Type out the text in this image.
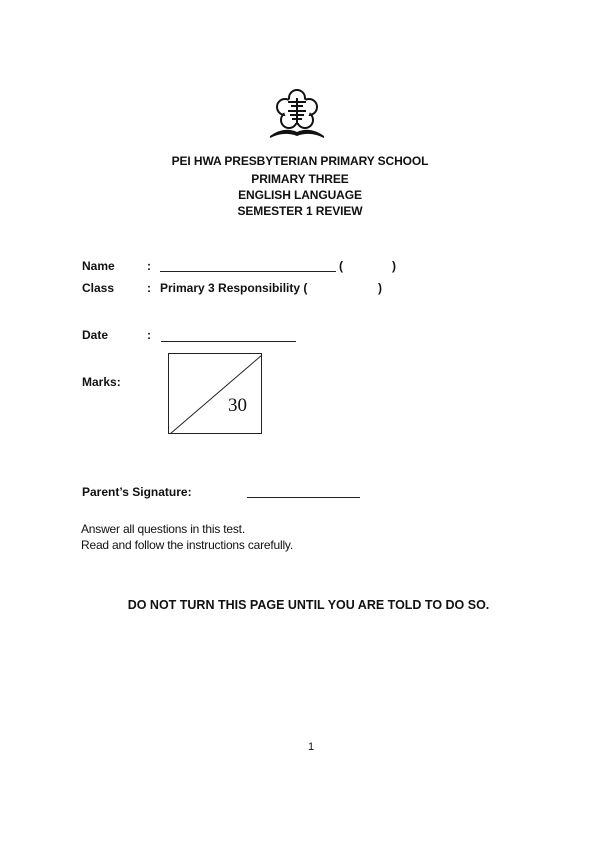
PEI HWA PRESBYTERIAN PRIMARY SCHOOL
PRIMARY THREE
ENGLISH LANGUAGE
SEMESTER 1 REVIEW
Name	:	(	)
Class	: Primary 3 Responsibility (	)
Date	:
Marks:
30
Parent’s Signature:
Answer all questions in this test.
Read and follow the instructions carefully.
DO NOT TURN THIS PAGE UNTIL YOU ARE TOLD TO DO SO.
1
